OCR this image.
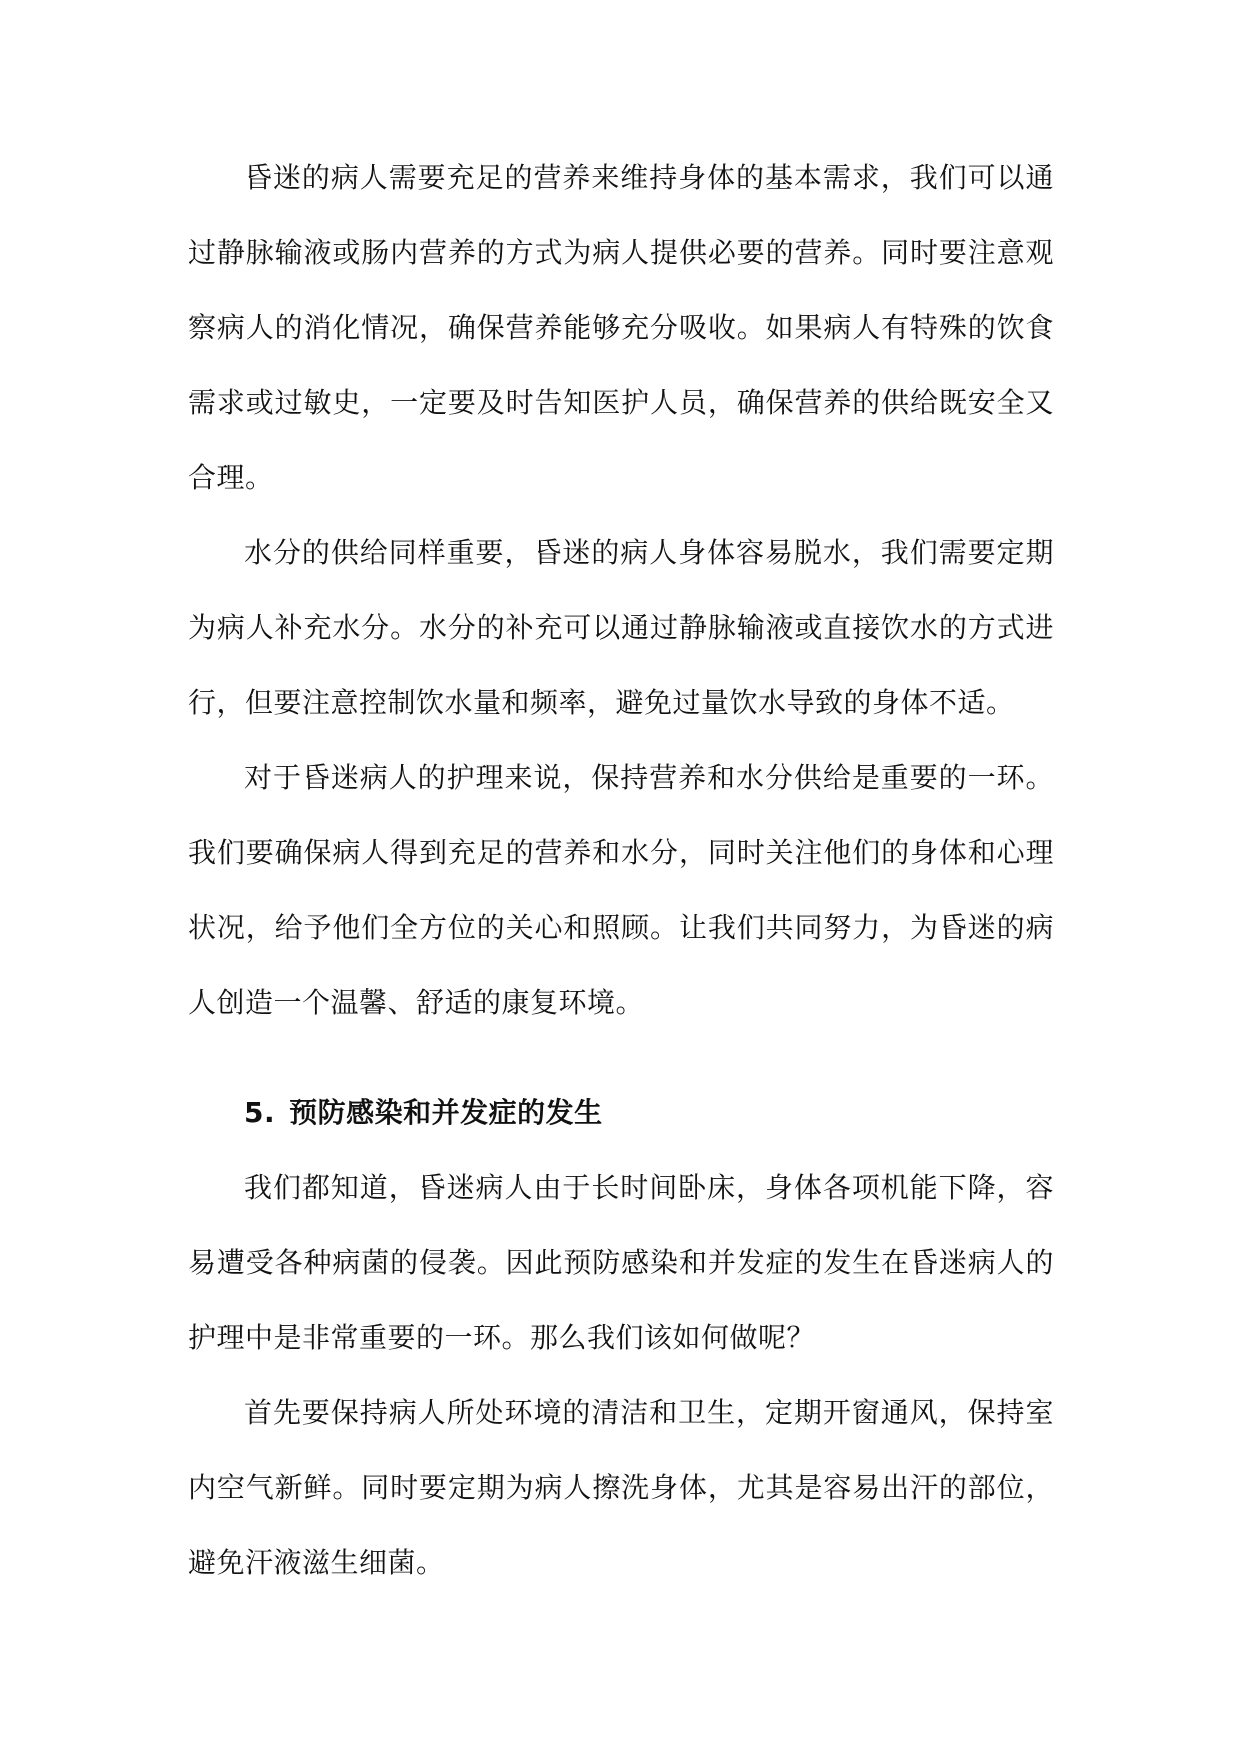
昏迷的病人需要充足的营养来维持身体的基本需求，我们可以通过静脉输液或肠内营养的方式为病人提供必要的营养。同时要注意观察病人的消化情况，确保营养能够充分吸收。如果病人有特殊的饮食需求或过敏史，一定要及时告知医护人员，确保营养的供给既安全又合理。

水分的供给同样重要，昏迷的病人身体容易脱水，我们需要定期为病人补充水分。水分的补充可以通过静脉输液或直接饮水的方式进行，但要注意控制饮水量和频率，避免过量饮水导致的身体不适。

对于昏迷病人的护理来说，保持营养和水分供给是重要的一环。我们要确保病人得到充足的营养和水分，同时关注他们的身体和心理状况，给予他们全方位的关心和照顾。让我们共同努力，为昏迷的病人创造一个温馨、舒适的康复环境。

5. 预防感染和并发症的发生

我们都知道，昏迷病人由于长时间卧床，身体各项机能下降，容易遭受各种病菌的侵袭。因此预防感染和并发症的发生在昏迷病人的护理中是非常重要的一环。那么我们该如何做呢？

首先要保持病人所处环境的清洁和卫生，定期开窗通风，保持室内空气新鲜。同时要定期为病人擦洗身体，尤其是容易出汗的部位，避免汗液滋生细菌。
